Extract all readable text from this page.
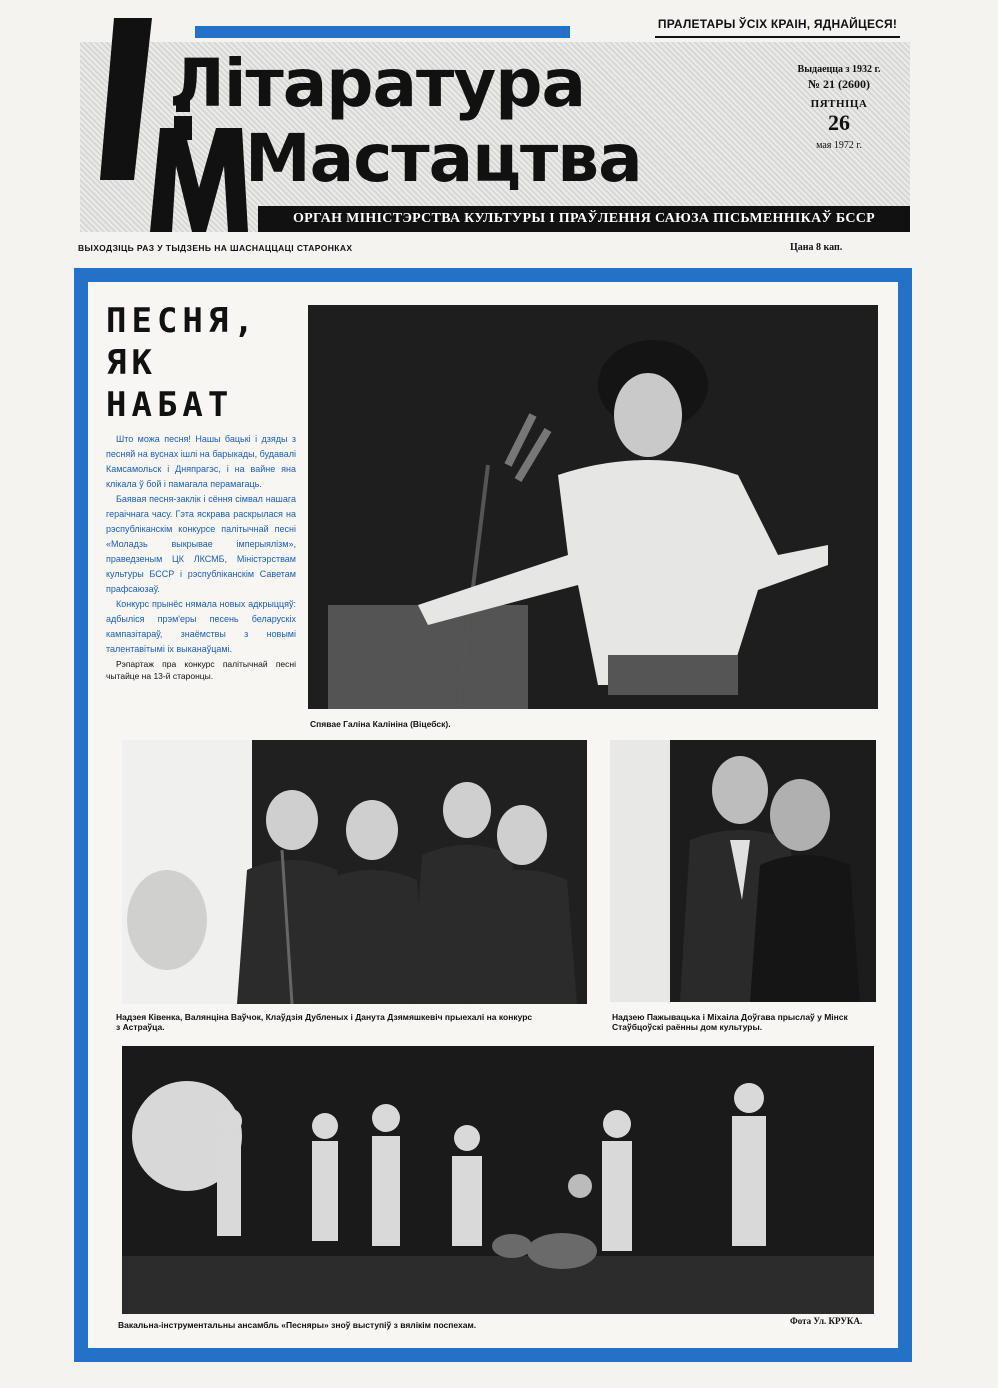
ПРАЛЕТАРЫ ЎСІХ КРАІН, ЯДНАЙЦЕСЯ!
Літаратура
Мастацтва
Выдаецца з 1932 г.
№ 21 (2600)
ПЯТНІЦА
26
мая 1972 г.
ОРГАН МІНІСТЭРСТВА КУЛЬТУРЫ І ПРАЎЛЕННЯ САЮЗА ПІСЬМЕННІКАЎ БССР
ВЫХОДЗІЦЬ РАЗ У ТЫДЗЕНЬ НА ШАСНАЦЦАЦІ СТАРОНКАХ	Цана 8 кап.
ПЕСНЯ,
ЯК
НАБАТ

Што можа песня! Нашы бацькі і дзяды з песняй на вуснах ішлі на барыкады, будавалі Камсамольск і Дняпрагэс, і на вайне яна клікала ў бой і памагала перамагаць.

Баявая песня-заклік і сёння сімвал нашага гераічнага часу. Гэта яскрава раскрылася на рэспубліканскім конкурсе палітычнай песні «Моладзь выкрывае імперыялізм», праведзеным ЦК ЛКСМБ, Міністэрствам культуры БССР і рэспубліканскім Саветам прафсаюзаў.

Конкурс прынёс нямала новых адкрыццяў: адбыліся прэм'еры песень беларускіх кампазітараў, знаёмствы з новымі талентавітымі іх выканаўцамі.

Рэпартаж пра конкурс палітычнай песні чытайце на 13-й старонцы.

Спявае Галіна Калініна (Віцебск).
Надзея Ківенка, Валянціна Ваўчок, Клаўдзія Дубленых і Данута Дзямяшкевіч прыехалі на конкурс з Астраўца.
Надзею Пажывацька і Міхаіла Доўгава прыслаў у Мінск Стаўбцоўскі раённы дом культуры.
Вакальна-інструментальны ансамбль «Песняры» зноў выступіў з вялікім поспехам.	Фота Ул. КРУКА.
